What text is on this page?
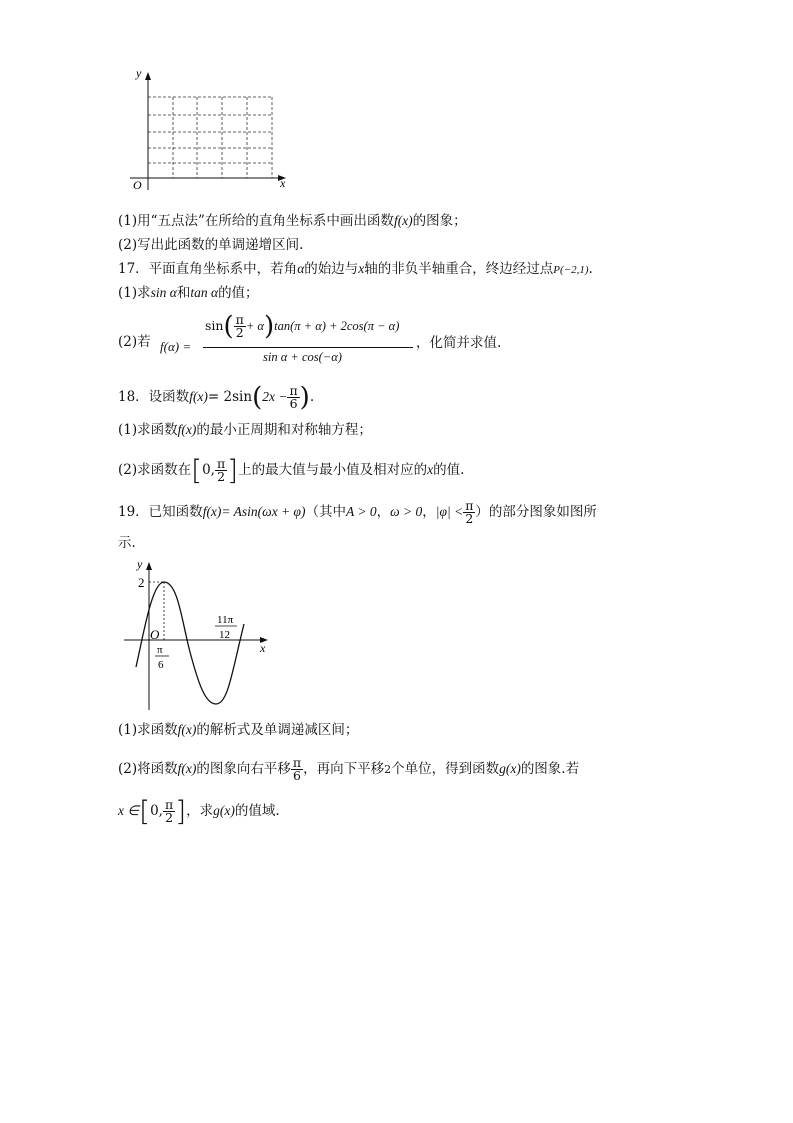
y
x
O
(1)用“五点法”在所给的直角坐标系中画出函数f(x)的图象；
(2)写出此函数的单调递增区间.
17．平面直角坐标系中，若角α的始边与x轴的非负半轴重合，终边经过点P(−2,1).
(1)求sin α和tan α的值；
(2)若 f(α) =
$\sin( \frac{\pi}{2} + \alpha)\tan(\pi + \alpha) + 2\cos(\pi - \alpha)$
sin α + cos(−α)
，化简并求值.
18．设函数$f(x)= 2\sin(2x - \frac{\pi}{6}$ ).
(1)求函数f(x)的最小正周期和对称轴方程；
(2)求函数在[0, $\frac{\pi}{2}$ ]上的最大值与最小值及相对应的x的值.
19．已知函数f(x)= Asin(ωx + φ)（其中A > 0，ω > 0，$|\varphi| < \frac{\pi}{2}$ ）的部分图象如图所
示.
y
x
O
2
π
6
11π
12
(1)求函数f(x)的解析式及单调递减区间；
(2)将函数f(x)的图象向右平移 $\frac{\pi}{6}$ ，再向下平移2个单位，得到函数g(x)的图象.若
x ∈[0, $\frac{\pi}{2}$ ]，求g(x)的值域.
